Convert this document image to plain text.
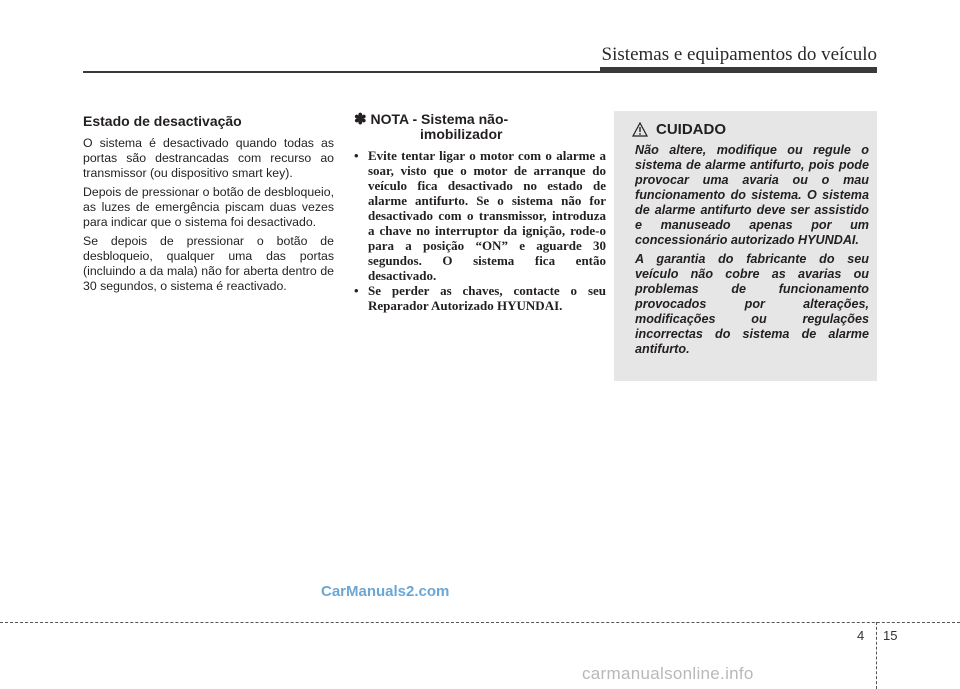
Sistemas e equipamentos do veículo
Estado de desactivação

O sistema é desactivado quando todas as portas são destrancadas com recurso ao transmissor (ou dispositivo smart key).

Depois de pressionar o botão de desbloqueio, as luzes de emergência piscam duas vezes para indicar que o sistema foi desactivado.

Se depois de pressionar o botão de desbloqueio, qualquer uma das portas (incluindo a da mala) não for aberta dentro de 30 segundos, o sistema é reactivado.

✽ NOTA - Sistema não-
imobilizador

• Evite tentar ligar o motor com o alarme a soar, visto que o motor de arranque do veículo fica desactivado no estado de alarme antifurto. Se o sistema não for desactivado com o transmissor, introduza a chave no interruptor da ignição, rode-o para a posição “ON” e aguarde 30 segundos. O sistema fica então desactivado.

• Se perder as chaves, contacte o seu Reparador Autorizado HYUNDAI.

CUIDADO

Não altere, modifique ou regule o sistema de alarme antifurto, pois pode provocar uma avaria ou o mau funcionamento do sistema. O sistema de alarme antifurto deve ser assistido e manuseado apenas por um concessionário autorizado HYUNDAI.

A garantia do fabricante do seu veículo não cobre as avarias ou problemas de funcionamento provocados por alterações, modificações ou regulações incorrectas do sistema de alarme antifurto.

CarManuals2.com
4 15
carmanualsonline.info
